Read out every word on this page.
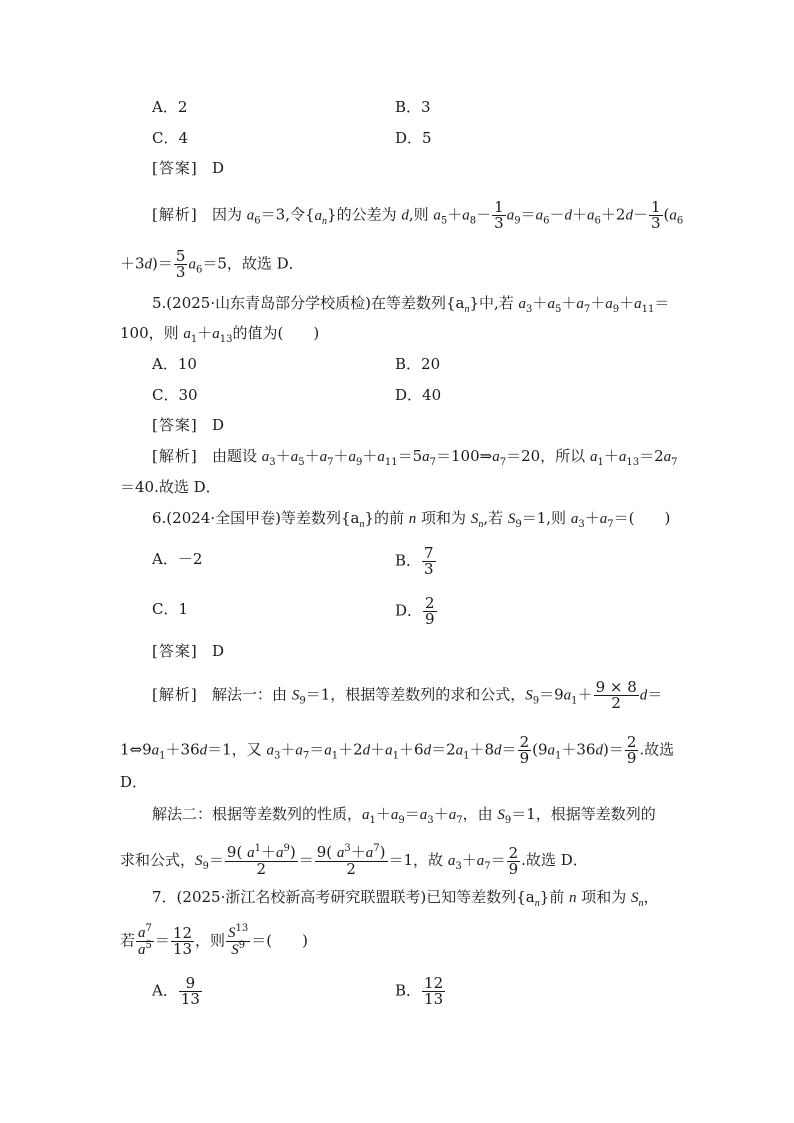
A．2	B．3
C．4	D．5
[答案] D
[解析]   因为 $a_6=3$,令$\{a_n\}$的公差为 d,则 $a_5+a_8- \frac{1}{3} a_9=a_6-d+a_6+2d- \frac{1}{3} (a_6$
$+3d)= \frac{5}{3} a_6=5$，故选 D．
5.(2025·山东青岛部分学校质检)在等差数列$\{a_n\}$中,若 $a_3+a_5+a_7+a_9+a_{11}=$
100，则 $a_1+a_{13}$的值为(　　)
A．10	B．20
C．30	D．40
[答案] D
[解析]   由题设 $a_3+a_5+a_7+a_9+a_{11}=5a_7=100\Rightarrow a_7=20$，所以 $a_1+a_{13}=2a_7$
＝40.故选 D．
6.(2024·全国甲卷)等差数列$\{a_n\}$的前 n 项和为 $S_n$,若 $S_9=1$,则 $a_3+a_7=$(　　)
A．－2	B． $\frac{7}{3}$
C．1	D． $\frac{2}{9}$
[答案] D
[解析] 解法一：由 $S_9=1$，根据等差数列的求和公式，$S_9=9a_1+ \frac{9 \times 8}{2} d=$
$1\Leftrightarrow 9a_1+36d=1$，又 $a_3+a_7=a_1+2d+a_1+6d=2a_1+8d= \frac{2}{9} (9a_1+36d)= \frac{2}{9}$ .故选
D．
解法二：根据等差数列的性质，$a_1+a_9=a_3+a_7$，由 $S_9=1$，根据等差数列的
求和公式，$S_9= \frac{9( a^1+a^9)}{2} = \frac{9( a^3+a^7)}{2} =1$，故 $a_3+a_7= \frac{2}{9}$ .故选 D．
7．(2025·浙江名校新高考研究联盟联考)已知等差数列$\{a_n\}$前 n 项和为 $S_n$，
若 $\frac{a^7}{a^5} = \frac{12}{13}$ ，则 $\frac{S^{13}}{S^9}$ ＝(　　)
A． $\frac{9}{13}$	B． $\frac{12}{13}$
